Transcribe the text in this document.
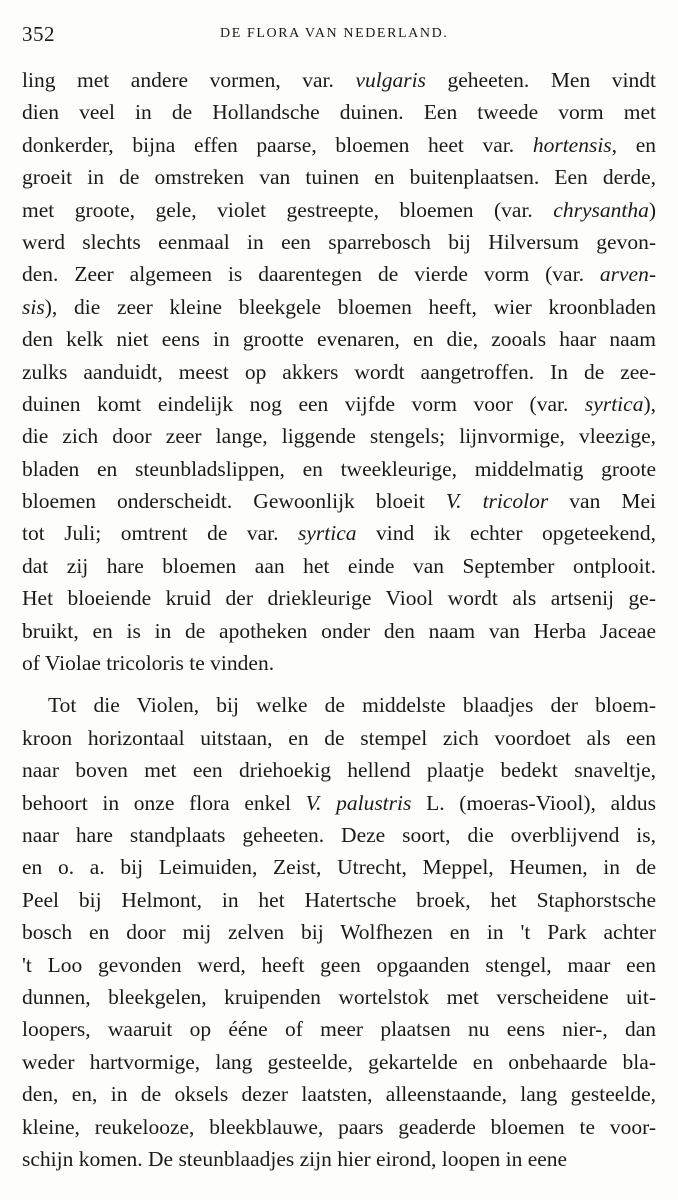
352	DE FLORA VAN NEDERLAND.
ling met andere vormen, var. vulgaris geheeten. Men vindt
dien veel in de Hollandsche duinen. Een tweede vorm met
donkerder, bijna effen paarse, bloemen heet var. hortensis, en
groeit in de omstreken van tuinen en buitenplaatsen. Een derde,
met groote, gele, violet gestreepte, bloemen (var. chrysantha)
werd slechts eenmaal in een sparrebosch bij Hilversum gevon-
den. Zeer algemeen is daarentegen de vierde vorm (var. arven-
sis), die zeer kleine bleekgele bloemen heeft, wier kroonbladen
den kelk niet eens in grootte evenaren, en die, zooals haar naam
zulks aanduidt, meest op akkers wordt aangetroffen. In de zee-
duinen komt eindelijk nog een vijfde vorm voor (var. syrtica),
die zich door zeer lange, liggende stengels; lijnvormige, vleezige,
bladen en steunbladslippen, en tweekleurige, middelmatig groote
bloemen onderscheidt. Gewoonlijk bloeit V. tricolor van Mei
tot Juli; omtrent de var. syrtica vind ik echter opgeteekend,
dat zij hare bloemen aan het einde van September ontplooit.
Het bloeiende kruid der driekleurige Viool wordt als artsenij ge-
bruikt, en is in de apotheken onder den naam van Herba Jaceae
of Violae tricoloris te vinden.
Tot die Violen, bij welke de middelste blaadjes der bloem-
kroon horizontaal uitstaan, en de stempel zich voordoet als een
naar boven met een driehoekig hellend plaatje bedekt snaveltje,
behoort in onze flora enkel V. palustris L. (moeras-Viool), aldus
naar hare standplaats geheeten. Deze soort, die overblijvend is,
en o. a. bij Leimuiden, Zeist, Utrecht, Meppel, Heumen, in de
Peel bij Helmont, in het Hatertsche broek, het Staphorstsche
bosch en door mij zelven bij Wolfhezen en in 't Park achter
't Loo gevonden werd, heeft geen opgaanden stengel, maar een
dunnen, bleekgelen, kruipenden wortelstok met verscheidene uit-
loopers, waaruit op ééne of meer plaatsen nu eens nier-, dan
weder hartvormige, lang gesteelde, gekartelde en onbehaarde bla-
den, en, in de oksels dezer laatsten, alleenstaande, lang gesteelde,
kleine, reukelooze, bleekblauwe, paars geaderde bloemen te voor-
schijn komen. De steunblaadjes zijn hier eirond, loopen in eene
